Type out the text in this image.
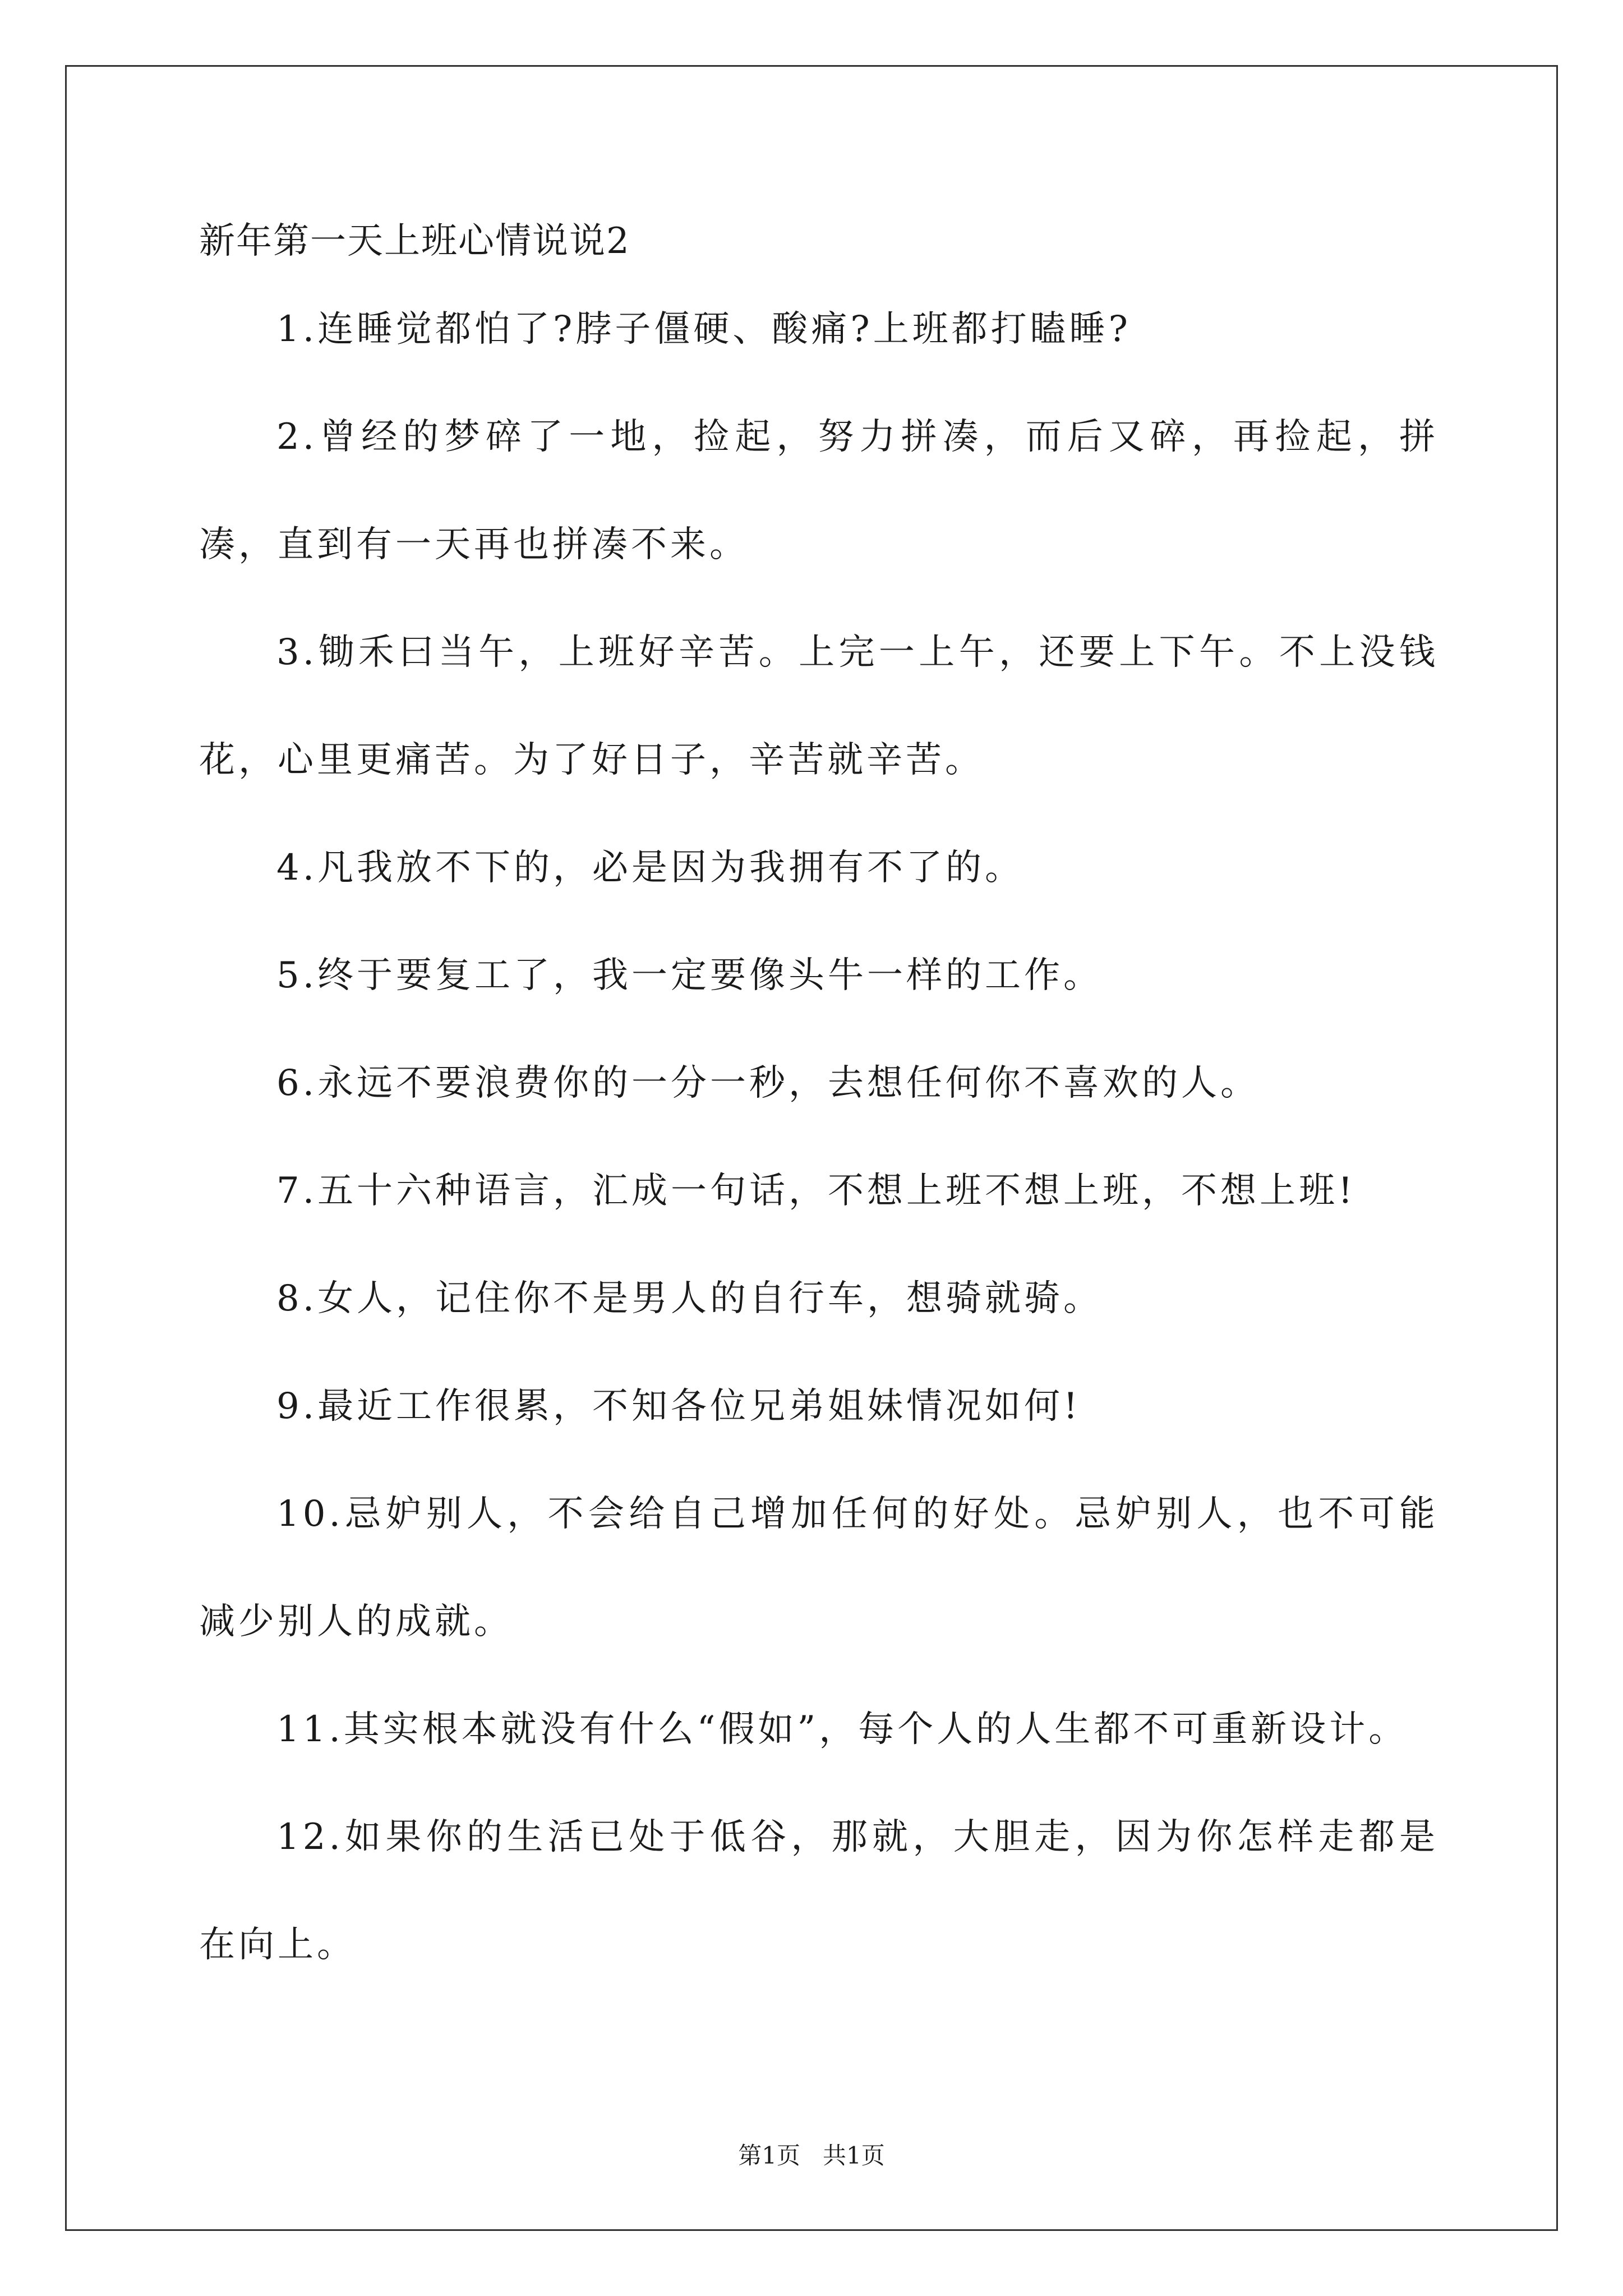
新年第一天上班心情说说2

1.连睡觉都怕了?脖子僵硬、酸痛?上班都打瞌睡?

2.曾经的梦碎了一地，捡起，努力拼凑，而后又碎，再捡起，拼凑，直到有一天再也拼凑不来。

3.锄禾曰当午，上班好辛苦。上完一上午，还要上下午。不上没钱花，心里更痛苦。为了好日子，辛苦就辛苦。

4.凡我放不下的，必是因为我拥有不了的。

5.终于要复工了，我一定要像头牛一样的工作。

6.永远不要浪费你的一分一秒，去想任何你不喜欢的人。

7.五十六种语言，汇成一句话，不想上班不想上班，不想上班!

8.女人，记住你不是男人的自行车，想骑就骑。

9.最近工作很累，不知各位兄弟姐妹情况如何!

10.忌妒别人，不会给自己增加任何的好处。忌妒别人，也不可能减少别人的成就。

11.其实根本就没有什么“假如”，每个人的人生都不可重新设计。

12.如果你的生活已处于低谷，那就，大胆走，因为你怎样走都是在向上。

第1页   共1页
